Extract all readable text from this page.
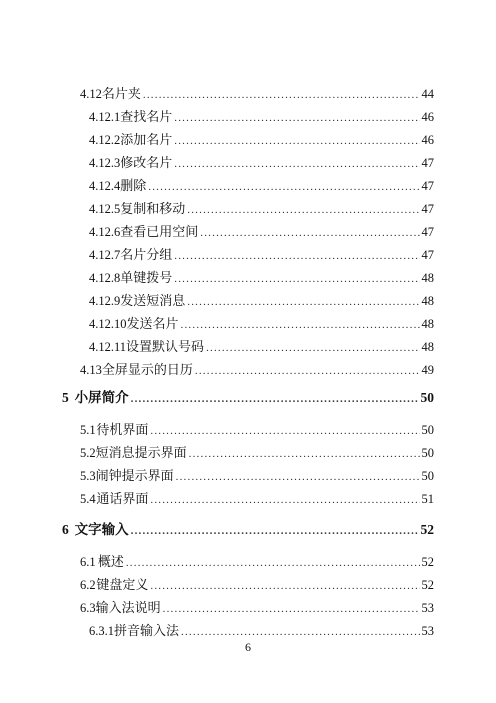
4.12 名片夹 .....	44
4.12.1 查找名片 .....	46
4.12.2 添加名片 .....	46
4.12.3 修改名片 .....	47
4.12.4 删除 .....	47
4.12.5 复制和移动 .....	47
4.12.6 查看已用空间 .....	47
4.12.7 名片分组 .....	47
4.12.8 单键拨号 .....	48
4.12.9 发送短消息 .....	48
4.12.10 发送名片 .....	48
4.12.11 设置默认号码 .....	48
4.13 全屏显示的日历 .....	49
5 小屏简介 .....	50
5.1 待机界面 .....	50
5.2 短消息提示界面 .....	50
5.3 闹钟提示界面 .....	50
5.4 通话界面 .....	51
6 文字输入 .....	52
6.1 概述 .....	52
6.2 键盘定义 .....	52
6.3 输入法说明 .....	53
6.3.1 拼音输入法 .....	53
6
